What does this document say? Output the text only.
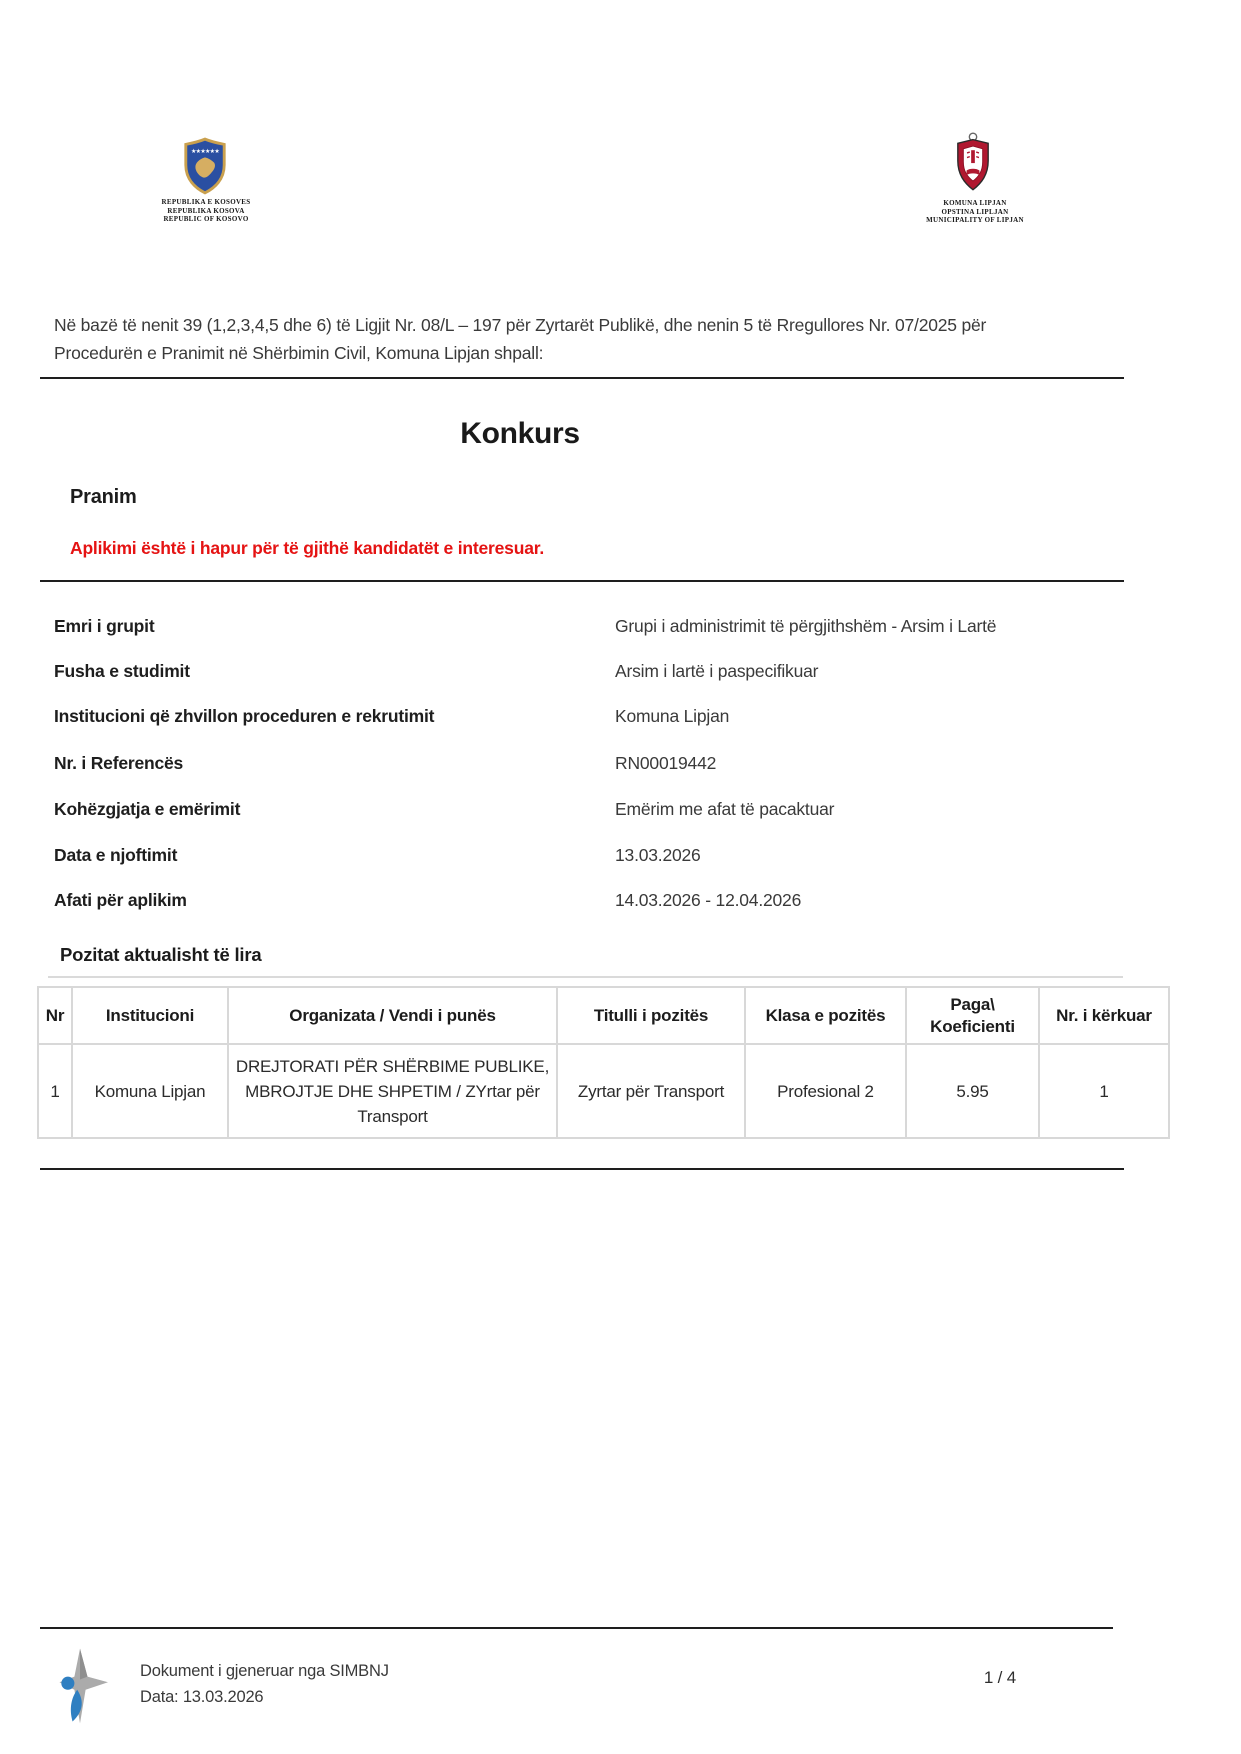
★★★★★★
REPUBLIKA E KOSOVES
REPUBLIKA KOSOVA
REPUBLIC OF KOSOVO
KOMUNA LIPJAN
OPSTINA LIPLJAN
MUNICIPALITY OF LIPJAN

Në bazë të nenit 39 (1,2,3,4,5 dhe 6) të Ligjit Nr. 08/L – 197 për Zyrtarët Publikë, dhe nenin 5 të Rregullores Nr. 07/2025 për Procedurën e Pranimit në Shërbimin Civil, Komuna Lipjan shpall:

Konkurs
Pranim

Aplikimi është i hapur për të gjithë kandidatët e interesuar.

Emri i grupit	Grupi i administrimit të përgjithshëm - Arsim i Lartë
Fusha e studimit	Arsim i lartë i paspecifikuar
Institucioni që zhvillon proceduren e rekrutimit	Komuna Lipjan
Nr. i Referencës	RN00019442
Kohëzgjatja e emërimit	Emërim me afat të pacaktuar
Data e njoftimit	13.03.2026
Afati për aplikim	14.03.2026 - 12.04.2026
Pozitat aktualisht të lira
Nr	Institucioni	Organizata / Vendi i punës	Titulli i pozitës	Klasa e pozitës	Paga\ Koeficienti	Nr. i kërkuar
1	Komuna Lipjan	DREJTORATI PËR SHËRBIME PUBLIKE, MBROJTJE DHE SHPETIM / ZYrtar për Transport	Zyrtar për Transport	Profesional 2	5.95	1
Dokument i gjeneruar nga SIMBNJ
Data: 13.03.2026
1 / 4
